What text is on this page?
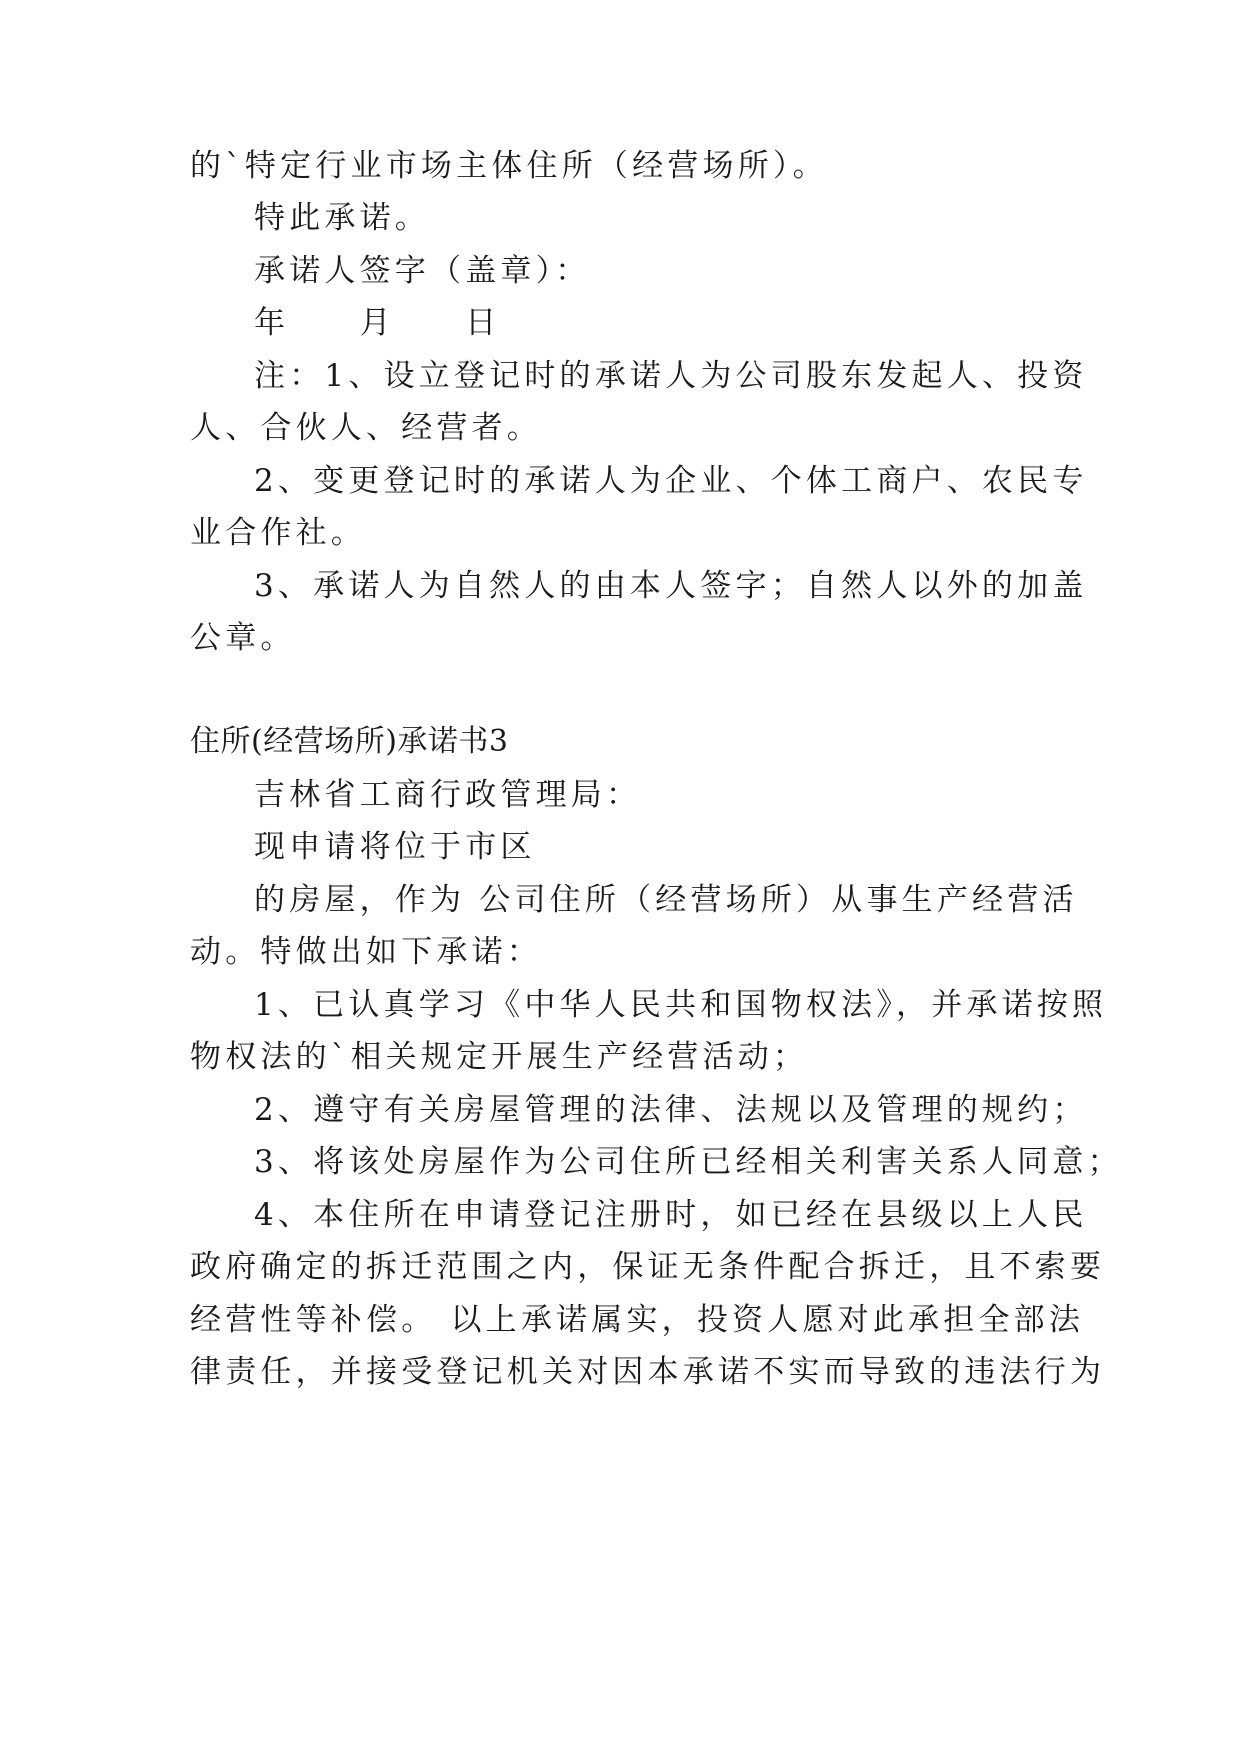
的`特定行业市场主体住所（经营场所）。
特此承诺。
承诺人签字（盖章）：
年　　月　　日
注：1、设立登记时的承诺人为公司股东发起人、投资
人、合伙人、经营者。
2、变更登记时的承诺人为企业、个体工商户、农民专
业合作社。
3、承诺人为自然人的由本人签字；自然人以外的加盖
公章。
住所(经营场所)承诺书3
吉林省工商行政管理局：
现申请将位于市区
的房屋，作为 公司住所（经营场所）从事生产经营活
动。特做出如下承诺：
1、已认真学习《中华人民共和国物权法》，并承诺按照
物权法的`相关规定开展生产经营活动；
2、遵守有关房屋管理的法律、法规以及管理的规约；
3、将该处房屋作为公司住所已经相关利害关系人同意；
4、本住所在申请登记注册时，如已经在县级以上人民
政府确定的拆迁范围之内，保证无条件配合拆迁，且不索要
经营性等补偿。 以上承诺属实，投资人愿对此承担全部法
律责任，并接受登记机关对因本承诺不实而导致的违法行为
